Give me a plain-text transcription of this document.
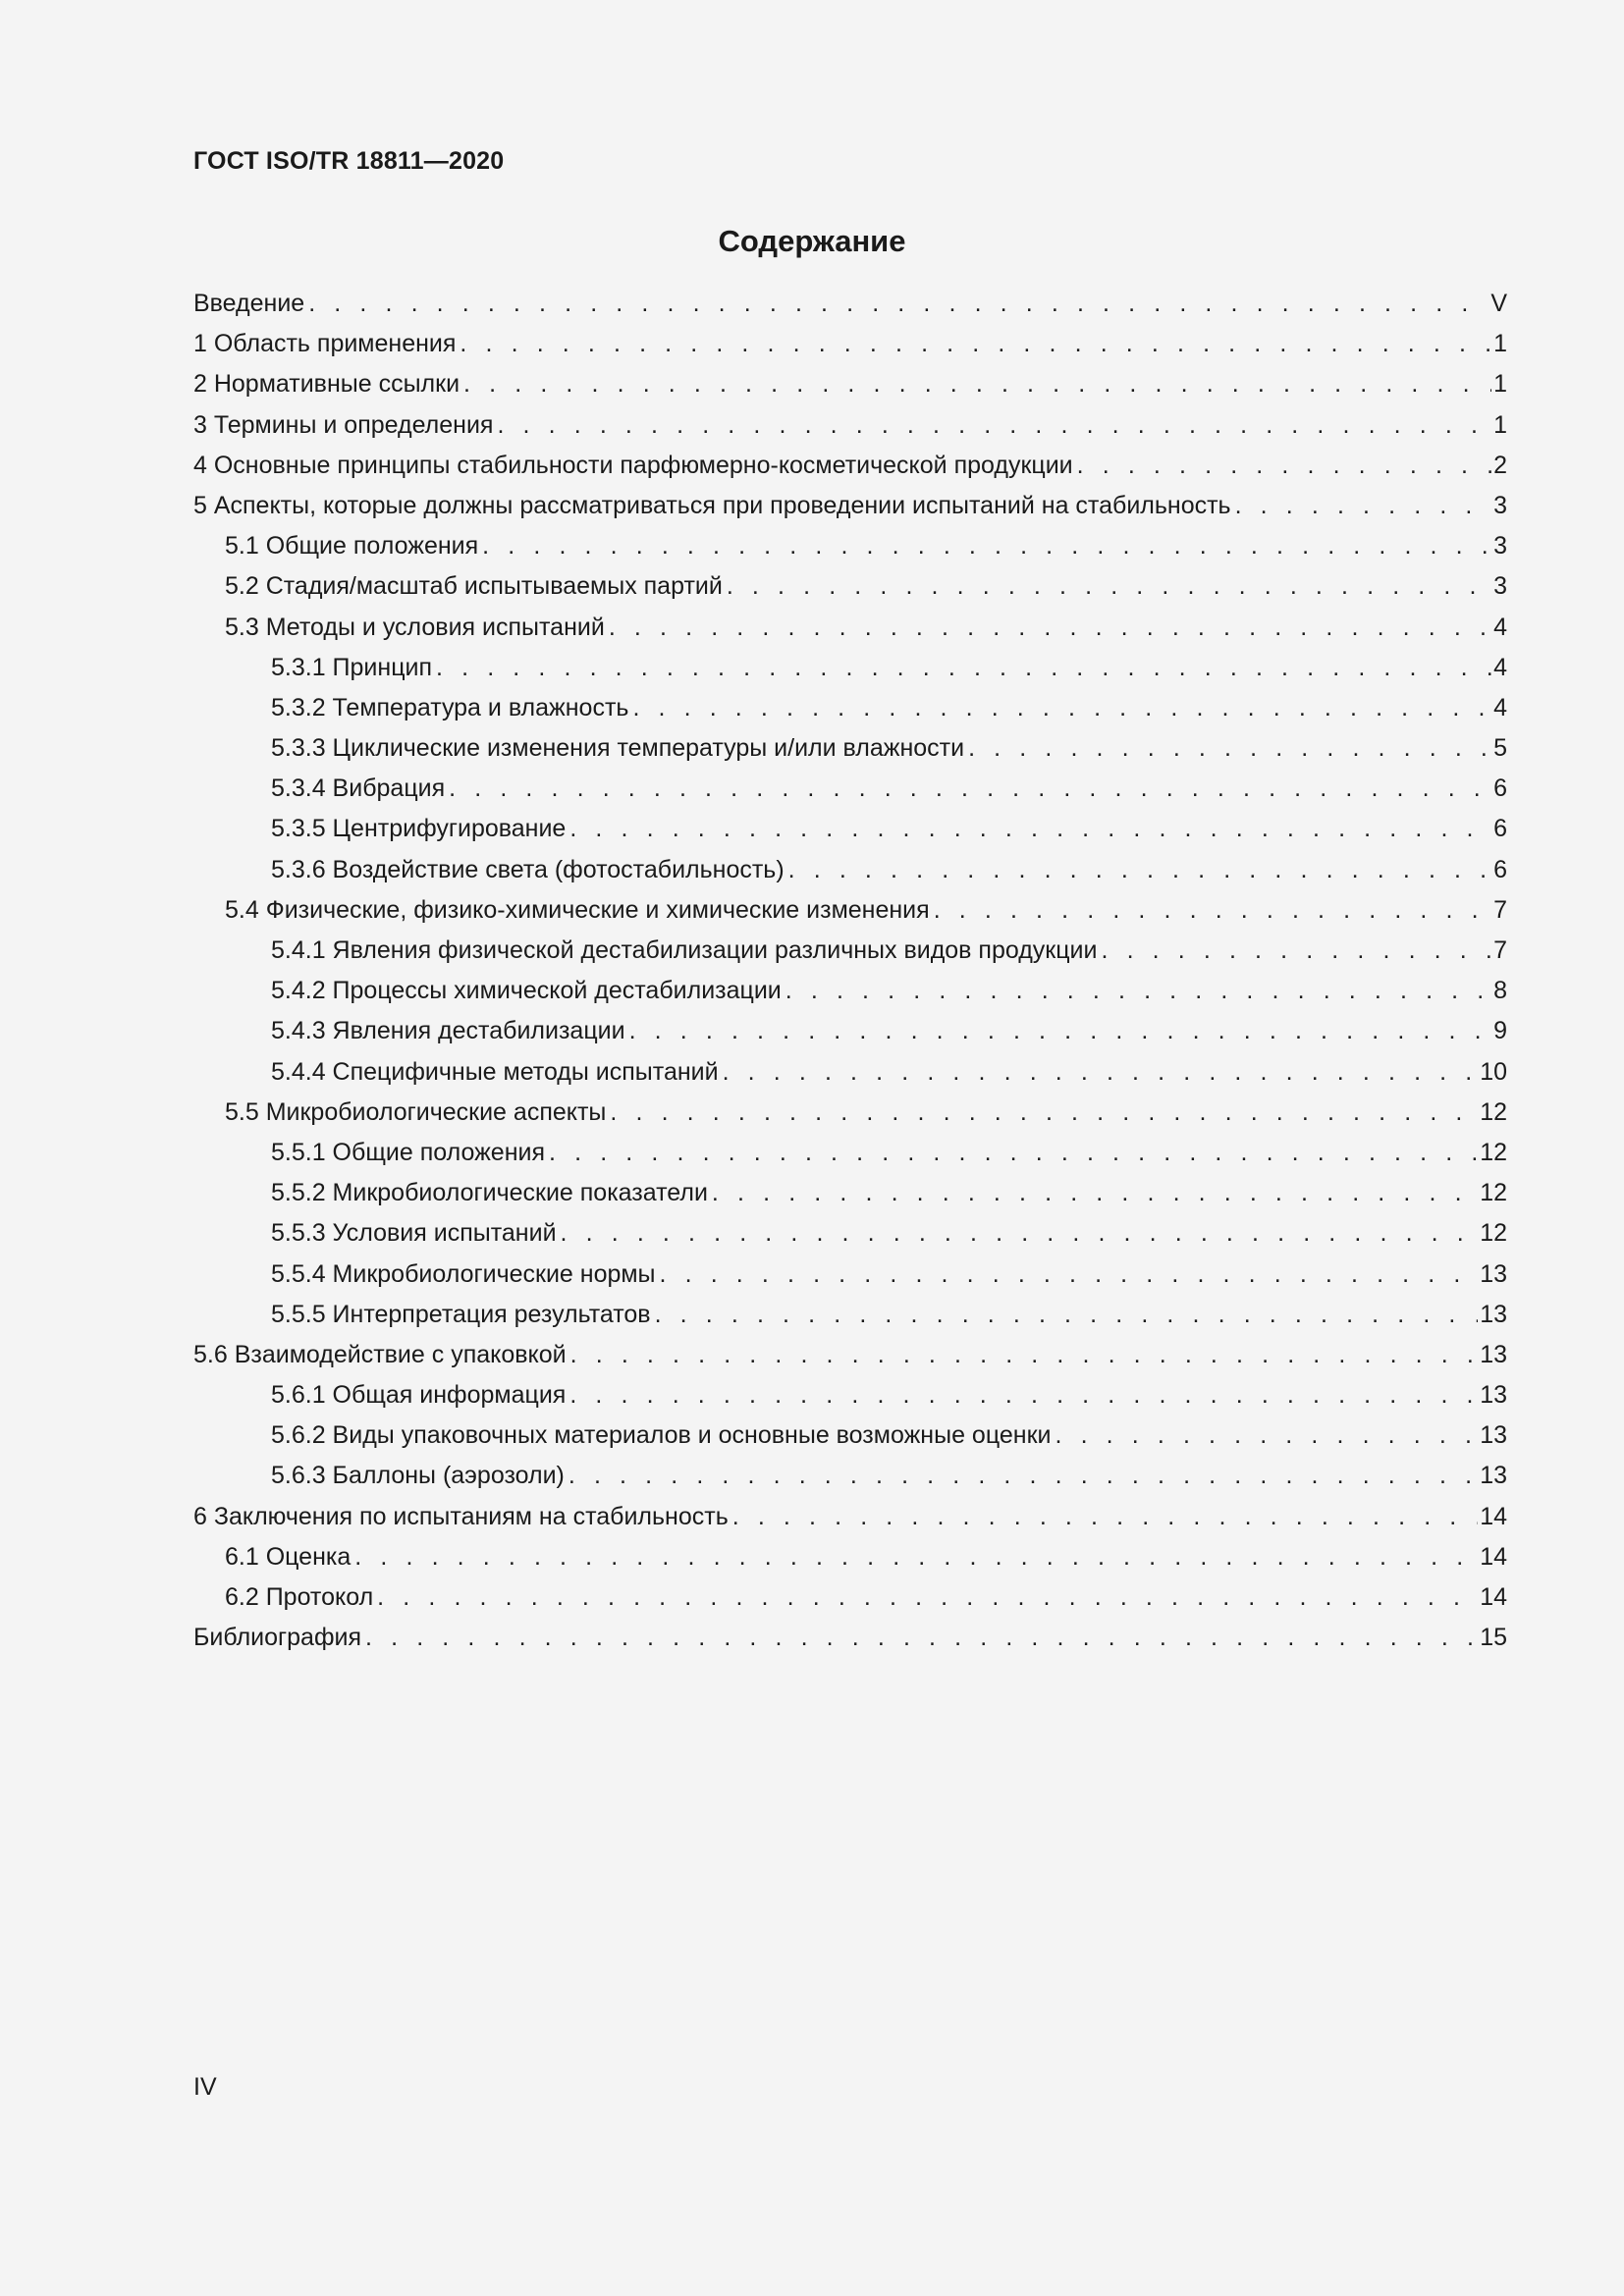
ГОСТ ISO/TR 18811—2020
Содержание
Введение . . .	V
1 Область применения . . .	1
2 Нормативные ссылки . . .	1
3 Термины и определения . . .	1
4 Основные принципы стабильности парфюмерно-косметической продукции . . .	2
5 Аспекты, которые должны рассматриваться при проведении испытаний на стабильность . . .	3
5.1 Общие положения . . .	3
5.2 Стадия/масштаб испытываемых партий . . .	3
5.3 Методы и условия испытаний . . .	4
5.3.1 Принцип . . .	4
5.3.2 Температура и влажность . . .	4
5.3.3 Циклические изменения температуры и/или влажности . . .	5
5.3.4 Вибрация . . .	6
5.3.5 Центрифугирование . . .	6
5.3.6 Воздействие света (фотостабильность) . . .	6
5.4 Физические, физико-химические и химические изменения . . .	7
5.4.1 Явления физической дестабилизации различных видов продукции . . .	7
5.4.2 Процессы химической дестабилизации . . .	8
5.4.3 Явления дестабилизации . . .	9
5.4.4 Специфичные методы испытаний . . .	10
5.5 Микробиологические аспекты . . .	12
5.5.1 Общие положения . . .	12
5.5.2 Микробиологические показатели . . .	12
5.5.3 Условия испытаний . . .	12
5.5.4 Микробиологические нормы . . .	13
5.5.5 Интерпретация результатов . . .	13
5.6 Взаимодействие с упаковкой . . .	13
5.6.1 Общая информация . . .	13
5.6.2 Виды упаковочных материалов и основные возможные оценки . . .	13
5.6.3 Баллоны (аэрозоли) . . .	13
6 Заключения по испытаниям на стабильность . . .	14
6.1 Оценка . . .	14
6.2 Протокол . . .	14
Библиография . . .	15
IV
